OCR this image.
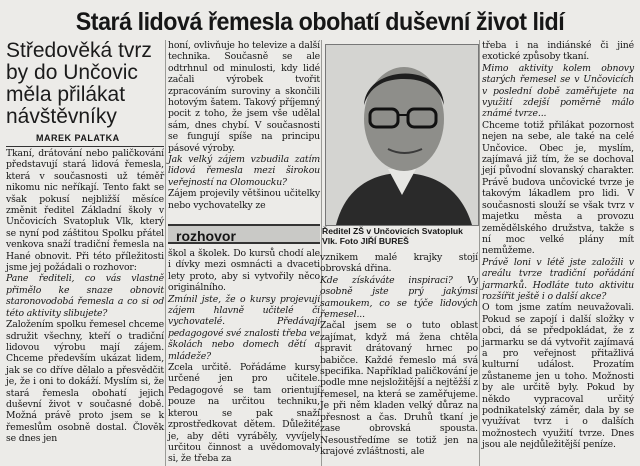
Stará lidová řemesla obohatí duševní život lidí
Středověká tvrz by do Unčovic měla přilákat návštěvníky
MAREK PALATKA

Tkaní, drátování nebo paličkování představují stará lidová řemesla, která v současnosti už téměř nikomu nic neříkají. Tento fakt se však pokusí nejbližší měsíce změnit ředitel Základní školy v Unčovicích Svatopluk Vlk, který se nyní pod záštitou Spolku přátel venkova snaží tradiční řemesla na Hané obnovit. Při této příležitosti jsme jej požádali o rozhovor:

Pane řediteli, co vás vlastně přimělo ke snaze obnovit staronovodobá řemesla a co si od této aktivity slibujete?

Založením spolku řemesel chceme sdružit všechny, kteří o tradiční lidovou výrobu mají zájem. Chceme především ukázat lidem, jak se co dříve dělalo a přesvědčit je, že i oni to dokáží. Myslím si, že stará řemesla obohatí jejich duševní život v současné době. Možná právě proto jsem se k řemeslům osobně dostal. Člověk se dnes jen

honí, ovlivňuje ho televize a další technika. Současně se ale odtrhnul od minulosti, kdy lidé začali výrobek tvořit zpracováním suroviny a skončili hotovým šatem. Takový příjemný pocit z toho, že jsem vše udělal sám, dnes chybí. V současnosti se fungují spíše na principu pásové výroby.

Jak velký zájem vzbudila zatím lidová řemesla mezi širokou veřejností na Olomoucku?

Zájem projevily většinou učitelky nebo vychovatelky ze

rozhovor

škol a školek. Do kursů chodí ale i dívky mezi osmnácti a dvaceti lety proto, aby si vytvořily něco originálního.

Zmínil jste, že o kursy projevují zájem hlavně učitelé či vychovatelé. Předávají pedagogové své znalosti třeba ve školách nebo domech dětí a mládeže?

Zcela určitě. Pořádáme kursy určené jen pro učitele. Pedagogové se tam orientují pouze na určitou techniku, kterou se pak snaží zprostředkovat dětem. Důležité je, aby děti vyráběly, vyvíjely určitou činnost a uvědomovaly si, že třeba za

Ředitel ZŠ v Unčovicích Svatopluk Vlk. Foto JIŘÍ BUREŠ

vznikem malé krajky stojí obrovská dřina.

Kde získáváte inspiraci? Vy osobně jste prý jakýmsi samoukem, co se týče lidových řemesel...

Začal jsem se o tuto oblast zajímat, když má žena chtěla spravit drátovaný hrnec po babičce. Každé řemeslo má svá specifika. Například paličkování je podle mne nejsložitější a nejtěžší z řemesel, na která se zaměřujeme. Je při něm kladen velký důraz na přesnost a čas. Druhů tkaní je zase obrovská spousta. Nesoustředíme se totiž jen na krajové zvláštnosti, ale

třeba i na indiánské či jiné exotické způsoby tkaní.

Mimo aktivity kolem obnovy starých řemesel se v Unčovicích v poslední době zaměřujete na využití zdejší poměrně málo známé tvrze...

Chceme totiž přilákat pozornost nejen na sebe, ale také na celé Unčovice. Obec je, myslím, zajímavá již tím, že se dochoval její původní slovanský charakter. Právě budova unčovické tvrze je takovým lákadlem pro lidi. V současnosti slouží se však tvrz v majetku města a provozu zemědělského družstva, takže s ní moc velké plány mít nemůžeme.

Právě loni v létě jste založili v areálu tvrze tradiční pořádání jarmarků. Hodláte tuto aktivitu rozšířit ještě i o další akce?

O tom jsme zatím neuvažovali. Pokud se zapojí i další složky v obci, dá se předpokládat, že z jarmarku se dá vytvořit zajímavá a pro veřejnost přitažlivá kulturní událost. Prozatím zůstaneme jen u toho. Možnosti by ale určitě byly. Pokud by někdo vypracoval určitý podnikatelský záměr, dala by se využívat tvrz i o dalších možnostech využití tvrze. Dnes jsou ale nejdůležitější peníze.
